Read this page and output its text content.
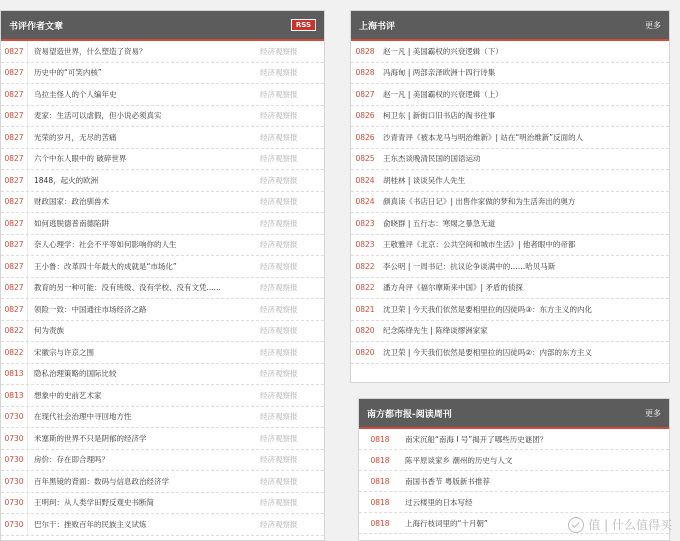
书评作者文章	RSS
0827	资易望造世界，什么塑造了资易？	经济观察报
0827	历史中的“可笑内核”	经济观察报
0827	乌拉圭怪人的个人编年史	经济观察报
0827	麦家：生活可以虐假，但小说必须真实	经济观察报
0827	光荣的岁月，无尽的苦痛	经济观察报
0827	六个中东人眼中的 破碎世界	经济观察报
0827	1848，起火的欧洲	经济观察报
0827	财政国家：政治驯兽术	经济观察报
0827	如何逃脱德普南德陷阱	经济观察报
0827	奈人心理学：社会不平等如何影响你的人生	经济观察报
0827	王小鲁：改革四十年最大的成就是“市场化”	经济观察报
0827	教育的另一种可能：没有班级、没有学校、没有文凭......	经济观察报
0827	领险一致：中国通往市场经济之路	经济观察报
0822	何为责族	经济观察报
0822	宋徽宗与许京之围	经济观察报
0813	隐私治理策略的国际比较	经济观察报
0813	想象中的史前艺术家	经济观察报
0730	在现代社会治理中寻回地方性	经济观察报
0730	米塞斯的世界不只是阴郁的经济学	经济观察报
0730	房价：存在即合理吗？	经济观察报
0730	百年黑镜的背面：数码与信息政治经济学	经济观察报
0730	王明珂：从人类学田野反观史书断简	经济观察报
0730	巴尔干：挫败百年的民族主义试炼	经济观察报
上海书评	更多
0828	赵一凡 | 美国霸权的兴衰逻辑（下）
0828	冯海甸 | 两部亲泽欧洲十四行诗集
0827	赵一凡 | 美国霸权的兴衰逻辑（上）
0826	柯卫东 | 新街口旧书店的淘书往事
0826	沙青青评《被本龙马与明治维新》| 站在“明治维新”反面的人
0825	王东杰谈晚清民国的国语运动
0824	胡桂林 | 谈谈吴作人先生
0824	颜真读《书店日记》| 出售作家做的梦和为生活奔出的奥方
0823	俞晓群 | 五行志：寒焬之暴急无道
0823	王敬雅评《北京：公共空间和城市生活》| 他者眼中的帝都
0822	李公明 | 一周书记：抗议论争谈满中的……哈贝马斯
0822	潘方舟评《福尔摩斯来中国》| 矛盾的侦探
0821	沈卫荣 | 今天我们依然是要相里拉的囚徒吗③：东方主义的内化
0820	纪念陈绛先生 | 陈绛谈缪洲家家
0820	沈卫荣 | 今天我们依然是要相里拉的囚徒吗②：内部的东方主义
南方都市报-阅读周刊	更多
0818	南宋沉船“南海 I 号”揭开了哪些历史谜团？
0818	陈平原谈家乡 潮州的历史与人文
0818	南国书香节 粤版新书推荐
0818	过云楼里的日本写经
0818	上海行枝词里的“十月朝”	值 | 什么值得买
